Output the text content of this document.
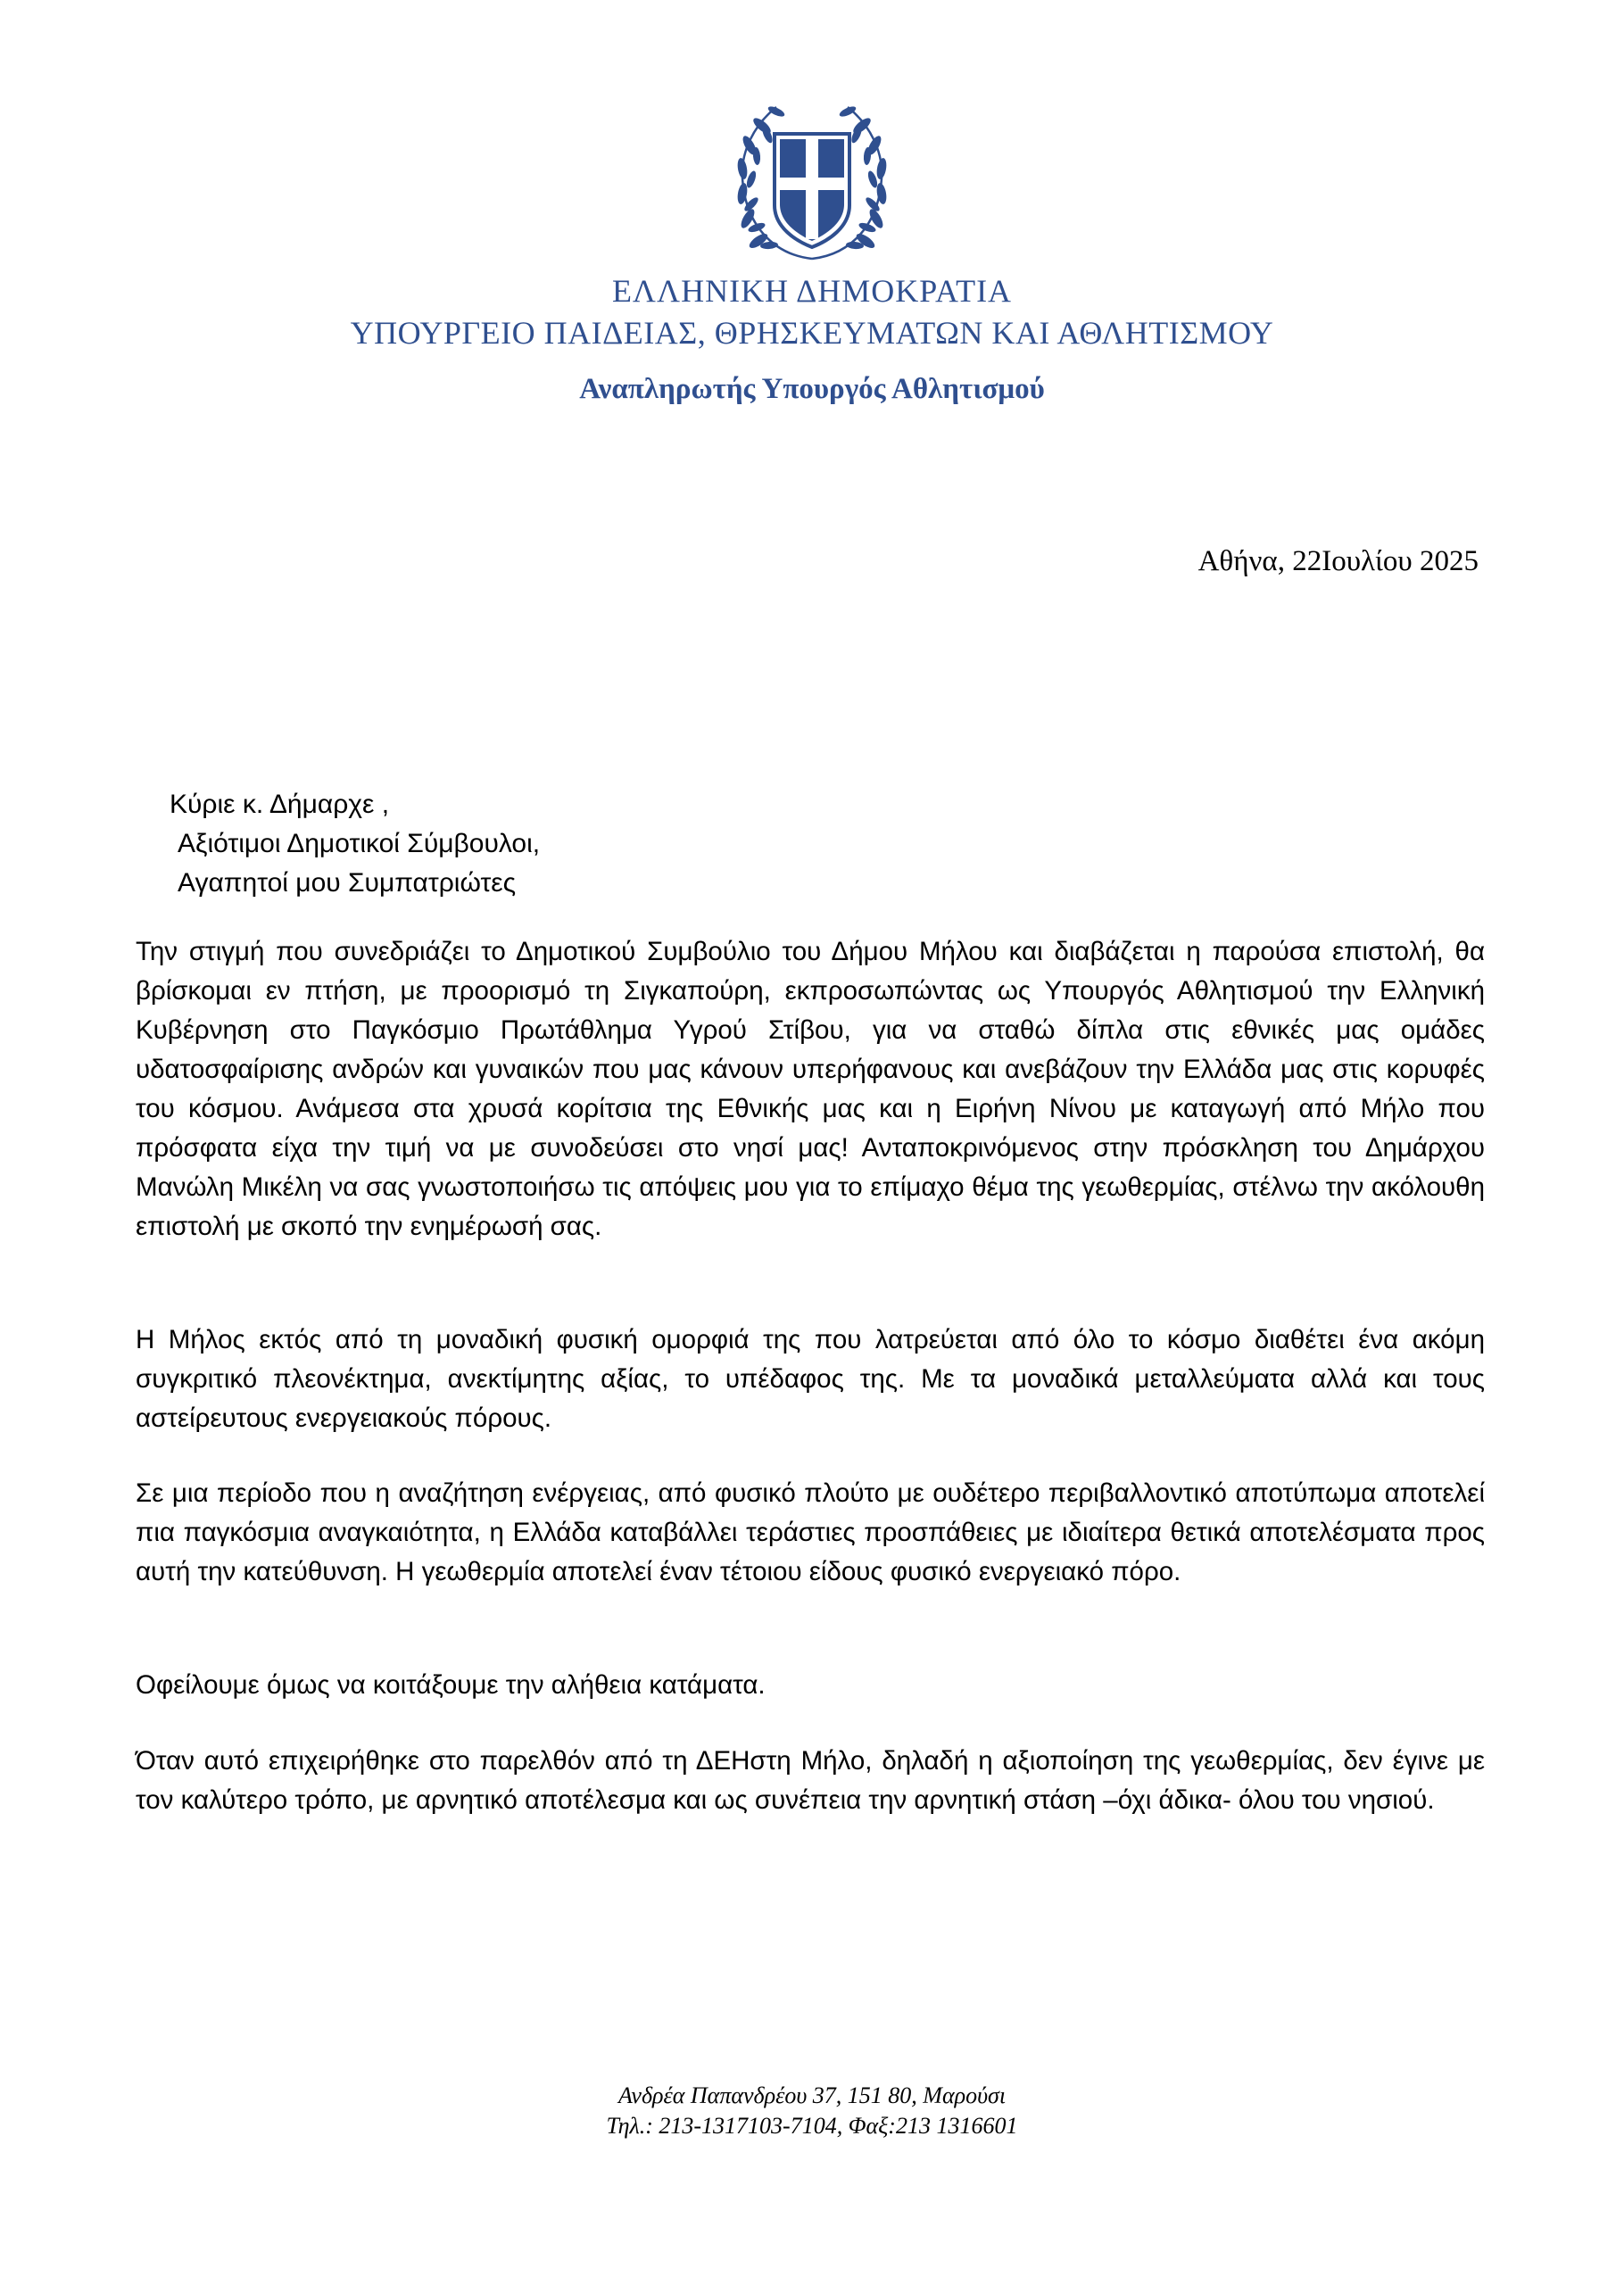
ΕΛΛΗΝΙΚΗ ΔΗΜΟΚΡΑΤΙΑ
ΥΠΟΥΡΓΕΙΟ ΠΑΙΔΕΙΑΣ, ΘΡΗΣΚΕΥΜΑΤΩΝ ΚΑΙ ΑΘΛΗΤΙΣΜΟΥ
Αναπληρωτής Υπουργός Αθλητισμού
Αθήνα, 22Ιουλίου 2025
Κύριε κ. Δήμαρχε ,
Αξιότιμοι Δημοτικοί Σύμβουλοι,
Αγαπητοί μου Συμπατριώτες
Την στιγμή που συνεδριάζει το Δημοτικού Συμβούλιο του Δήμου Μήλου και διαβάζεται η παρούσα επιστολή, θα βρίσκομαι εν πτήση, με προορισμό τη Σιγκαπούρη, εκπροσωπώντας ως Υπουργός Αθλητισμού την Ελληνική Κυβέρνηση στο Παγκόσμιο Πρωτάθλημα Υγρού Στίβου, για να σταθώ δίπλα στις εθνικές μας ομάδες υδατοσφαίρισης ανδρών και γυναικών που μας κάνουν υπερήφανους και ανεβάζουν την Ελλάδα μας στις κορυφές του κόσμου. Ανάμεσα στα χρυσά κορίτσια της Εθνικής μας και η Ειρήνη Νίνου με καταγωγή από Μήλο που πρόσφατα είχα την τιμή να με συνοδεύσει στο νησί μας! Ανταποκρινόμενος στην πρόσκληση του Δημάρχου Μανώλη Μικέλη να σας γνωστοποιήσω τις απόψεις μου για το επίμαχο θέμα της γεωθερμίας, στέλνω την ακόλουθη επιστολή με σκοπό την ενημέρωσή σας.
Η Μήλος εκτός από τη μοναδική φυσική ομορφιά της που λατρεύεται από όλο το κόσμο διαθέτει ένα ακόμη συγκριτικό πλεονέκτημα, ανεκτίμητης αξίας, το υπέδαφος της. Με τα μοναδικά μεταλλεύματα αλλά και τους αστείρευτους ενεργειακούς πόρους.
Σε μια περίοδο που η αναζήτηση ενέργειας, από φυσικό πλούτο με ουδέτερο περιβαλλοντικό αποτύπωμα αποτελεί πια παγκόσμια αναγκαιότητα, η Ελλάδα καταβάλλει τεράστιες προσπάθειες με ιδιαίτερα θετικά αποτελέσματα προς αυτή την κατεύθυνση. Η γεωθερμία αποτελεί έναν τέτοιου είδους φυσικό ενεργειακό πόρο.
Οφείλουμε όμως να κοιτάξουμε την αλήθεια κατάματα.
Όταν αυτό επιχειρήθηκε στο παρελθόν από τη ΔΕΗστη Μήλο, δηλαδή η αξιοποίηση της γεωθερμίας, δεν έγινε με τον καλύτερο τρόπο, με αρνητικό αποτέλεσμα και ως συνέπεια την αρνητική στάση –όχι άδικα- όλου του νησιού.
Ανδρέα Παπανδρέου 37, 151 80, Μαρούσι
Τηλ.: 213-1317103-7104, Φαξ:213 1316601
